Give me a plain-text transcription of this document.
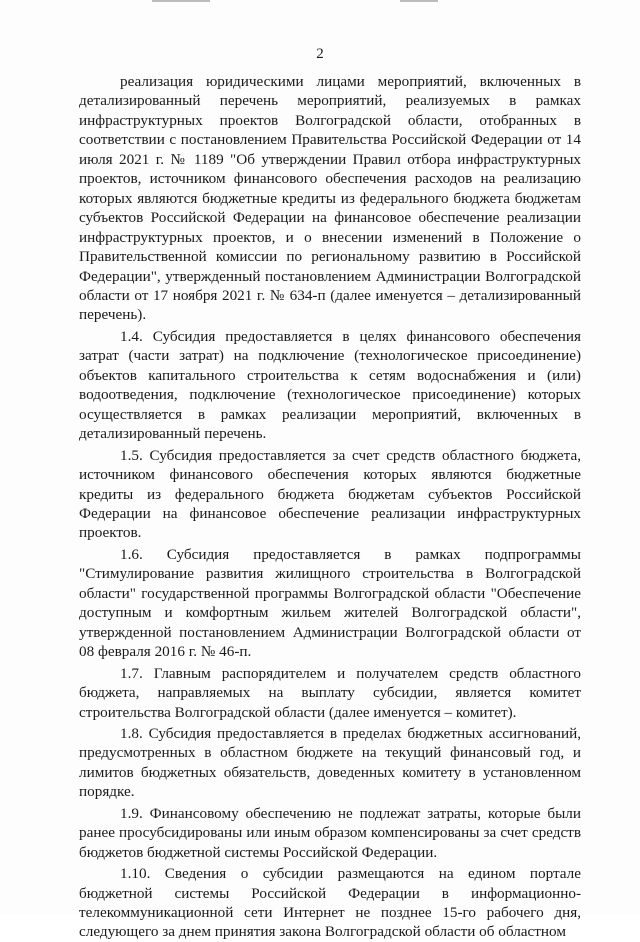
2

реализация юридическими лицами мероприятий, включенных в детализированный перечень мероприятий, реализуемых в рамках инфраструктурных проектов Волгоградской области, отобранных в соответствии с постановлением Правительства Российской Федерации от 14 июля 2021 г. № 1189 "Об утверждении Правил отбора инфраструктурных проектов, источником финансового обеспечения расходов на реализацию которых являются бюджетные кредиты из федерального бюджета бюджетам субъектов Российской Федерации на финансовое обеспечение реализации инфраструктурных проектов, и о внесении изменений в Положение о Правительственной комиссии по региональному развитию в Российской Федерации", утвержденный постановлением Администрации Волгоградской области от 17 ноября 2021 г. № 634-п (далее именуется – детализированный перечень).

1.4. Субсидия предоставляется в целях финансового обеспечения затрат (части затрат) на подключение (технологическое присоединение) объектов капитального строительства к сетям водоснабжения и (или) водоотведения, подключение (технологическое присоединение) которых осуществляется в рамках реализации мероприятий, включенных в детализированный перечень.

1.5. Субсидия предоставляется за счет средств областного бюджета, источником финансового обеспечения которых являются бюджетные кредиты из федерального бюджета бюджетам субъектов Российской Федерации на финансовое обеспечение реализации инфраструктурных проектов.

1.6. Субсидия предоставляется в рамках подпрограммы "Стимулирование развития жилищного строительства в Волгоградской области" государственной программы Волгоградской области "Обеспечение доступным и комфортным жильем жителей Волгоградской области", утвержденной постановлением Администрации Волгоградской области от 08 февраля 2016 г. № 46-п.

1.7. Главным распорядителем и получателем средств областного бюджета, направляемых на выплату субсидии, является комитет строительства Волгоградской области (далее именуется – комитет).

1.8. Субсидия предоставляется в пределах бюджетных ассигнований, предусмотренных в областном бюджете на текущий финансовый год, и лимитов бюджетных обязательств, доведенных комитету в установленном порядке.

1.9. Финансовому обеспечению не подлежат затраты, которые были ранее просубсидированы или иным образом компенсированы за счет средств бюджетов бюджетной системы Российской Федерации.

1.10. Сведения о субсидии размещаются на едином портале бюджетной системы Российской Федерации в информационно-телекоммуникационной сети Интернет не позднее 15-го рабочего дня, следующего за днем принятия закона Волгоградской области об областном
